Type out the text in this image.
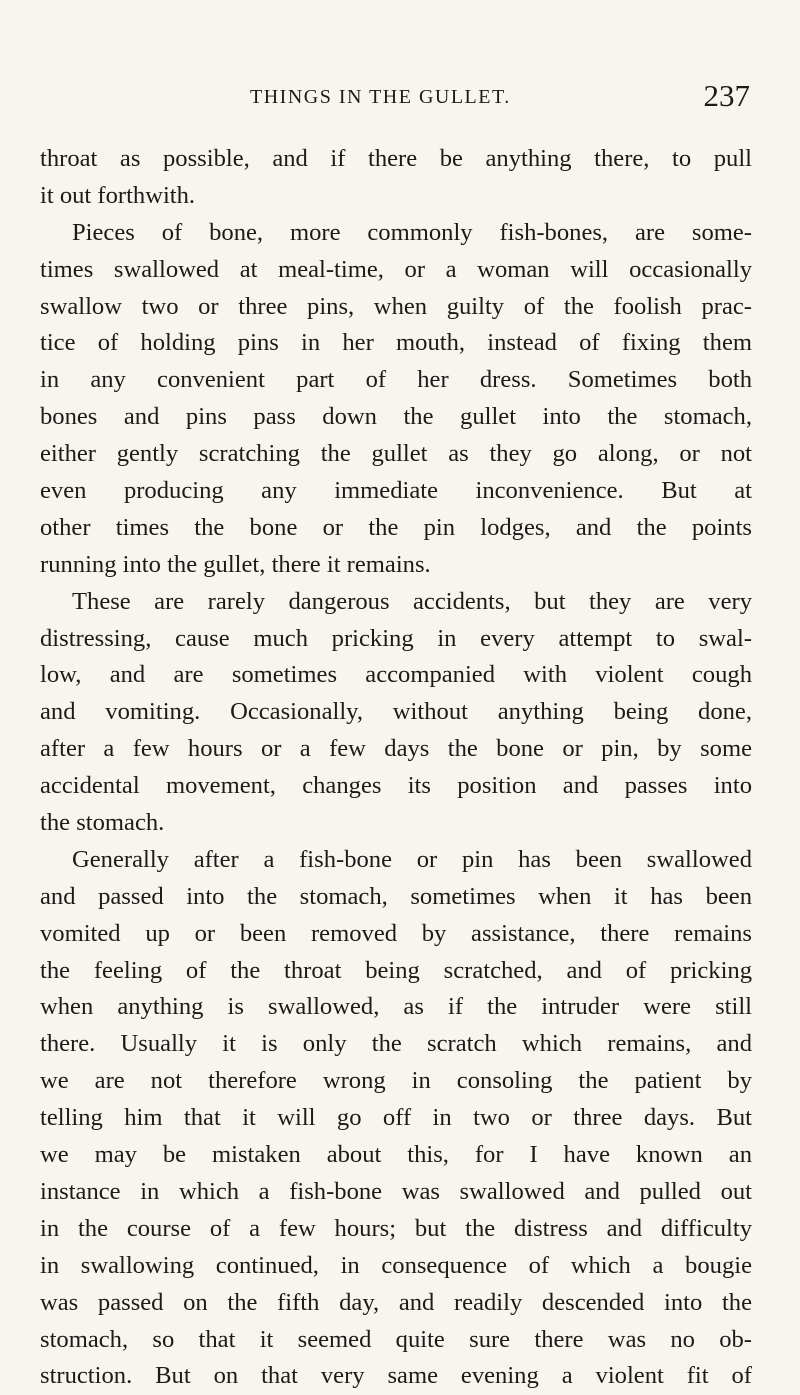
THINGS IN THE GULLET.	237
throat as possible, and if there be anything there, to pull
it out forthwith.
Pieces of bone, more commonly fish-bones, are some-
times swallowed at meal-time, or a woman will occasionally
swallow two or three pins, when guilty of the foolish prac-
tice of holding pins in her mouth, instead of fixing them
in any convenient part of her dress. Sometimes both
bones and pins pass down the gullet into the stomach,
either gently scratching the gullet as they go along, or not
even producing any immediate inconvenience. But at
other times the bone or the pin lodges, and the points
running into the gullet, there it remains.
These are rarely dangerous accidents, but they are very
distressing, cause much pricking in every attempt to swal-
low, and are sometimes accompanied with violent cough
and vomiting. Occasionally, without anything being done,
after a few hours or a few days the bone or pin, by some
accidental movement, changes its position and passes into
the stomach.
Generally after a fish-bone or pin has been swallowed
and passed into the stomach, sometimes when it has been
vomited up or been removed by assistance, there remains
the feeling of the throat being scratched, and of pricking
when anything is swallowed, as if the intruder were still
there. Usually it is only the scratch which remains, and
we are not therefore wrong in consoling the patient by
telling him that it will go off in two or three days. But
we may be mistaken about this, for I have known an
instance in which a fish-bone was swallowed and pulled out
in the course of a few hours; but the distress and difficulty
in swallowing continued, in consequence of which a bougie
was passed on the fifth day, and readily descended into the
stomach, so that it seemed quite sure there was no ob-
struction. But on that very same evening a violent fit of
